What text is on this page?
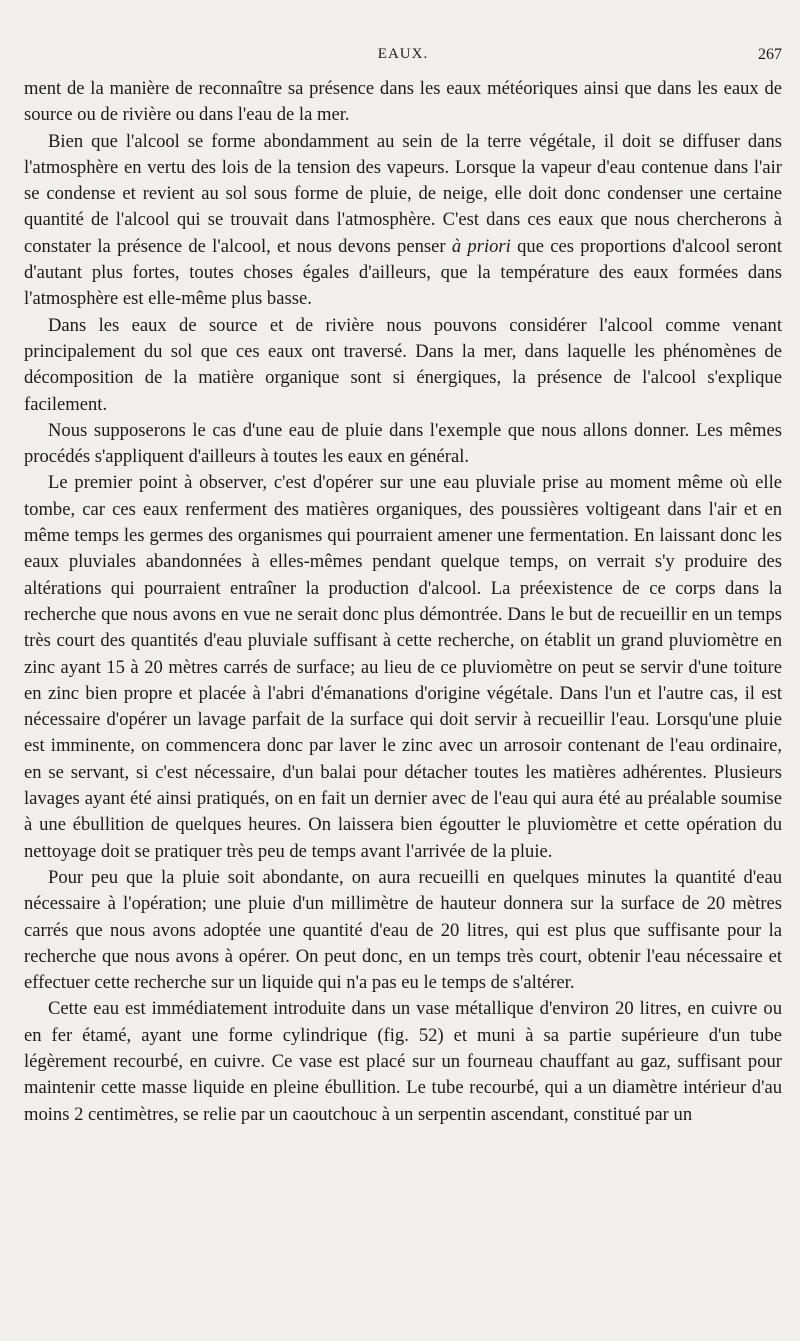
EAUX.	267

ment de la manière de reconnaître sa présence dans les eaux météoriques ainsi que dans les eaux de source ou de rivière ou dans l'eau de la mer.

Bien que l'alcool se forme abondamment au sein de la terre végétale, il doit se diffuser dans l'atmosphère en vertu des lois de la tension des vapeurs. Lorsque la vapeur d'eau contenue dans l'air se condense et revient au sol sous forme de pluie, de neige, elle doit donc condenser une certaine quantité de l'alcool qui se trouvait dans l'atmosphère. C'est dans ces eaux que nous chercherons à constater la présence de l'alcool, et nous devons penser à priori que ces proportions d'alcool seront d'autant plus fortes, toutes choses égales d'ailleurs, que la température des eaux formées dans l'atmosphère est elle-même plus basse.

Dans les eaux de source et de rivière nous pouvons considérer l'alcool comme venant principalement du sol que ces eaux ont traversé. Dans la mer, dans laquelle les phénomènes de décomposition de la matière organique sont si énergiques, la présence de l'alcool s'explique facilement.

Nous supposerons le cas d'une eau de pluie dans l'exemple que nous allons donner. Les mêmes procédés s'appliquent d'ailleurs à toutes les eaux en général.

Le premier point à observer, c'est d'opérer sur une eau pluviale prise au moment même où elle tombe, car ces eaux renferment des matières organiques, des poussières voltigeant dans l'air et en même temps les germes des organismes qui pourraient amener une fermentation. En laissant donc les eaux pluviales abandonnées à elles-mêmes pendant quelque temps, on verrait s'y produire des altérations qui pourraient entraîner la production d'alcool. La préexistence de ce corps dans la recherche que nous avons en vue ne serait donc plus démontrée. Dans le but de recueillir en un temps très court des quantités d'eau pluviale suffisant à cette recherche, on établit un grand pluviomètre en zinc ayant 15 à 20 mètres carrés de surface; au lieu de ce pluviomètre on peut se servir d'une toiture en zinc bien propre et placée à l'abri d'émanations d'origine végétale. Dans l'un et l'autre cas, il est nécessaire d'opérer un lavage parfait de la surface qui doit servir à recueillir l'eau. Lorsqu'une pluie est imminente, on commencera donc par laver le zinc avec un arrosoir contenant de l'eau ordinaire, en se servant, si c'est nécessaire, d'un balai pour détacher toutes les matières adhérentes. Plusieurs lavages ayant été ainsi pratiqués, on en fait un dernier avec de l'eau qui aura été au préalable soumise à une ébullition de quelques heures. On laissera bien égoutter le pluviomètre et cette opération du nettoyage doit se pratiquer très peu de temps avant l'arrivée de la pluie.

Pour peu que la pluie soit abondante, on aura recueilli en quelques minutes la quantité d'eau nécessaire à l'opération; une pluie d'un millimètre de hauteur donnera sur la surface de 20 mètres carrés que nous avons adoptée une quantité d'eau de 20 litres, qui est plus que suffisante pour la recherche que nous avons à opérer. On peut donc, en un temps très court, obtenir l'eau nécessaire et effectuer cette recherche sur un liquide qui n'a pas eu le temps de s'altérer.

Cette eau est immédiatement introduite dans un vase métallique d'environ 20 litres, en cuivre ou en fer étamé, ayant une forme cylindrique (fig. 52) et muni à sa partie supérieure d'un tube légèrement recourbé, en cuivre. Ce vase est placé sur un fourneau chauffant au gaz, suffisant pour maintenir cette masse liquide en pleine ébullition. Le tube recourbé, qui a un diamètre intérieur d'au moins 2 centimètres, se relie par un caoutchouc à un serpentin ascendant, constitué par un
